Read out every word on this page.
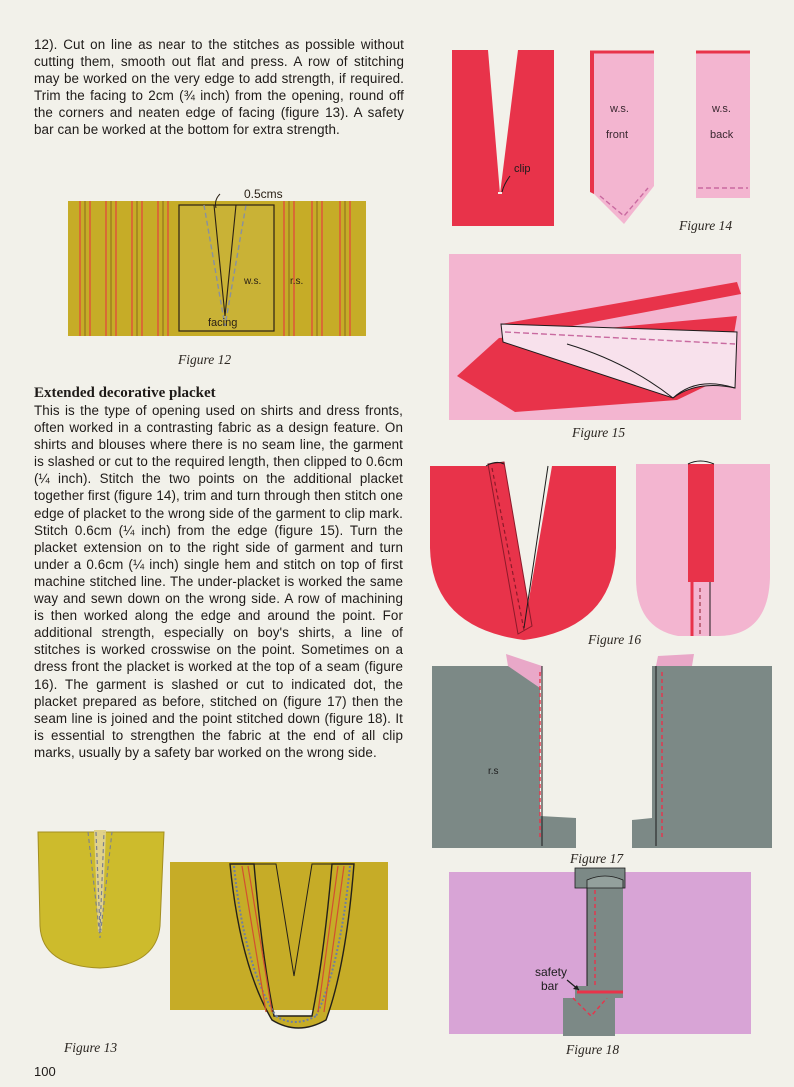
12). Cut on line as near to the stitches as possible without cutting them, smooth out flat and press. A row of stitching may be worked on the very edge to add strength, if required. Trim the facing to 2cm (¾ inch) from the opening, round off the corners and neaten edge of facing (figure 13). A safety bar can be worked at the bottom for extra strength.

0.5cms
w.s.	r.s.
facing
Figure 12
Extended decorative placket

This is the type of opening used on shirts and dress fronts, often worked in a contrasting fabric as a design feature. On shirts and blouses where there is no seam line, the garment is slashed or cut to the required length, then clipped to 0.6cm (¼ inch). Stitch the two points on the additional placket together first (figure 14), trim and turn through then stitch one edge of placket to the wrong side of the garment to clip mark. Stitch 0.6cm (¼ inch) from the edge (figure 15). Turn the placket extension on to the right side of garment and turn under a 0.6cm (¼ inch) single hem and stitch on top of first machine stitched line. The under-placket is worked the same way and sewn down on the wrong side. A row of machining is then worked along the edge and around the point. For additional strength, especially on boy's shirts, a line of stitches is worked crosswise on the point. Sometimes on a dress front the placket is worked at the top of a seam (figure 16). The garment is slashed or cut to indicated dot, the placket prepared as before, stitched on (figure 17) then the seam line is joined and the point stitched down (figure 18). It is essential to strengthen the fabric at the end of all clip marks, usually by a safety bar worked on the wrong side.

Figure 13
100
clip
w.s.
front
w.s.
back
Figure 14
Figure 15
Figure 16
r.s
Figure 17
safety
bar
Figure 18
